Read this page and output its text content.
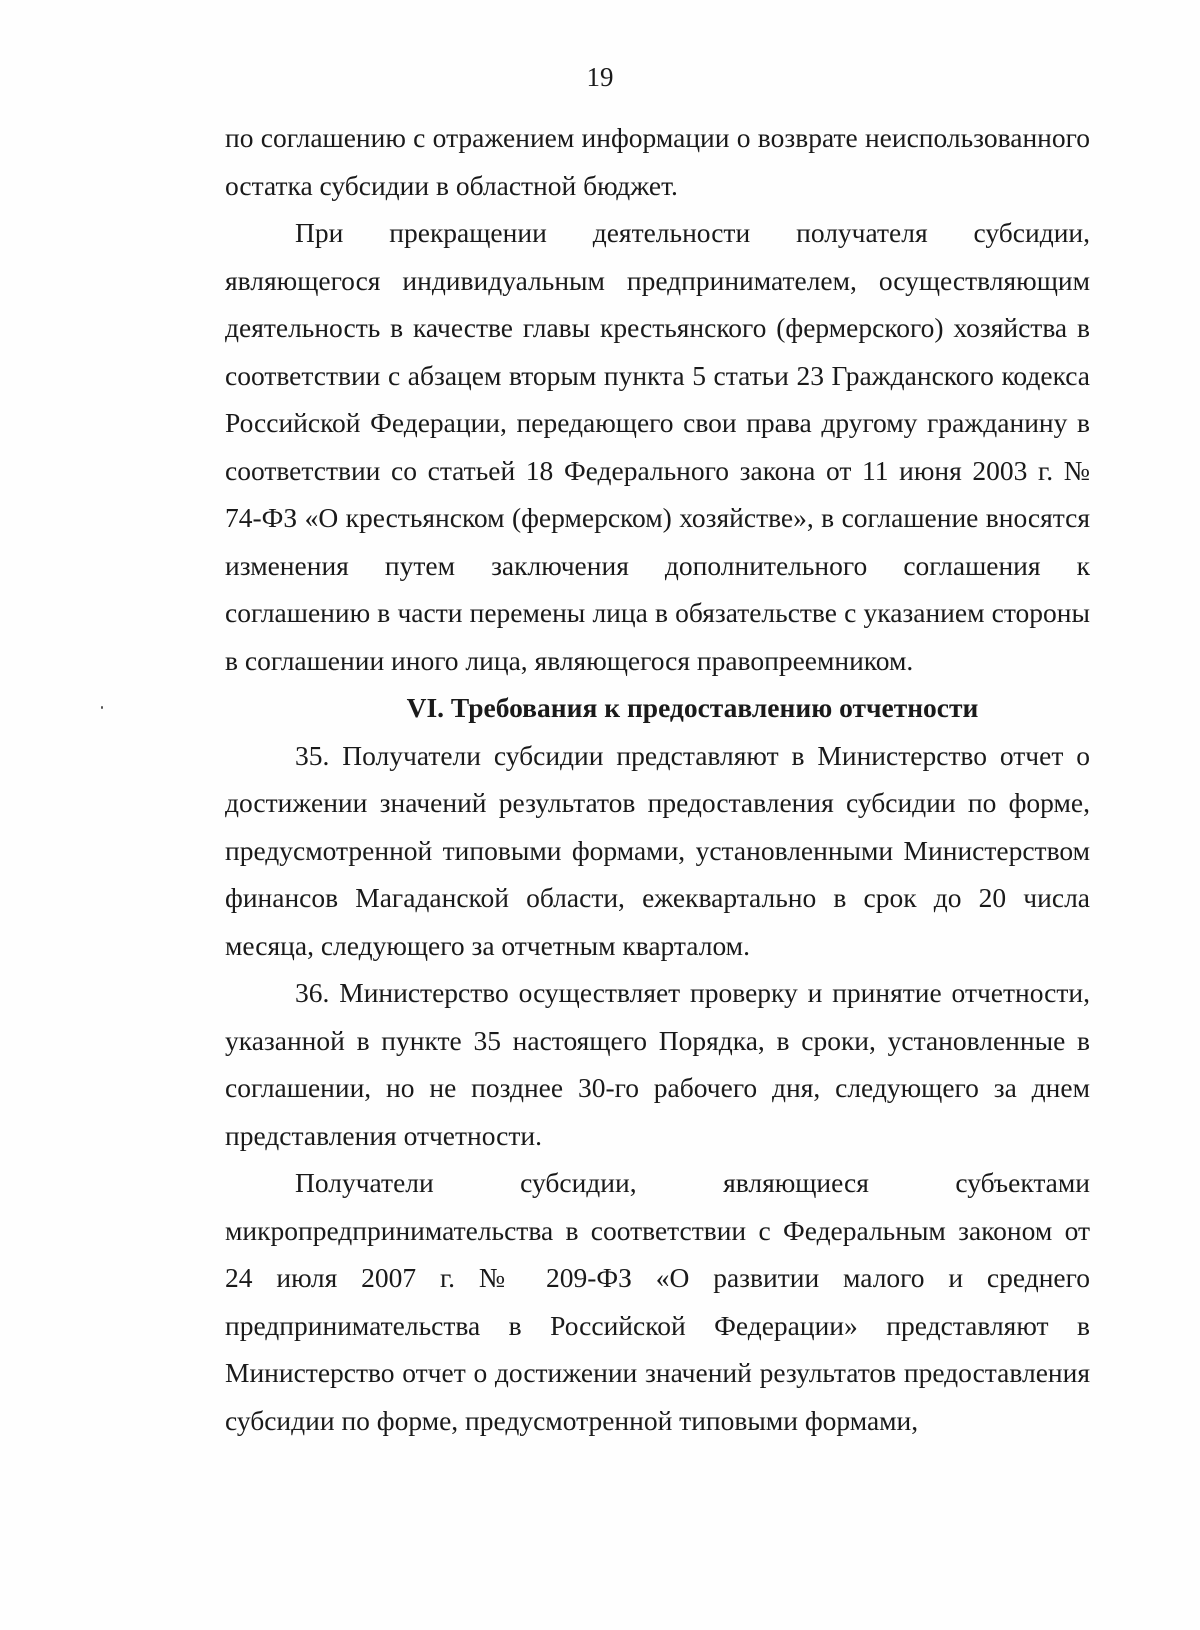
19

по соглашению с отражением информации о возврате неиспользованного остатка субсидии в областной бюджет.

При прекращении деятельности получателя субсидии, являющегося индивидуальным предпринимателем, осуществляющим деятельность в качестве главы крестьянского (фермерского) хозяйства в соответствии с абзацем вторым пункта 5 статьи 23 Гражданского кодекса Российской Федерации, передающего свои права другому гражданину в соответствии со статьей 18 Федерального закона от 11 июня 2003 г. № 74-ФЗ «О крестьянском (фермерском) хозяйстве», в соглашение вносятся изменения путем заключения дополнительного соглашения к соглашению в части перемены лица в обязательстве с указанием стороны в соглашении иного лица, являющегося правопреемником.

VI. Требования к предоставлению отчетности

35. Получатели субсидии представляют в Министерство отчет о достижении значений результатов предоставления субсидии по форме, предусмотренной типовыми формами, установленными Министерством финансов Магаданской области, ежеквартально в срок до 20 числа месяца, следующего за отчетным кварталом.

36. Министерство осуществляет проверку и принятие отчетности, указанной в пункте 35 настоящего Порядка, в сроки, установленные в соглашении, но не позднее 30-го рабочего дня, следующего за днем представления отчетности.

Получатели субсидии, являющиеся субъектами микропредпринимательства в соответствии с Федеральным законом от 24 июля 2007 г. № 209-ФЗ «О развитии малого и среднего предпринимательства в Российской Федерации» представляют в Министерство отчет о достижении значений результатов предоставления субсидии по форме, предусмотренной типовыми формами,
